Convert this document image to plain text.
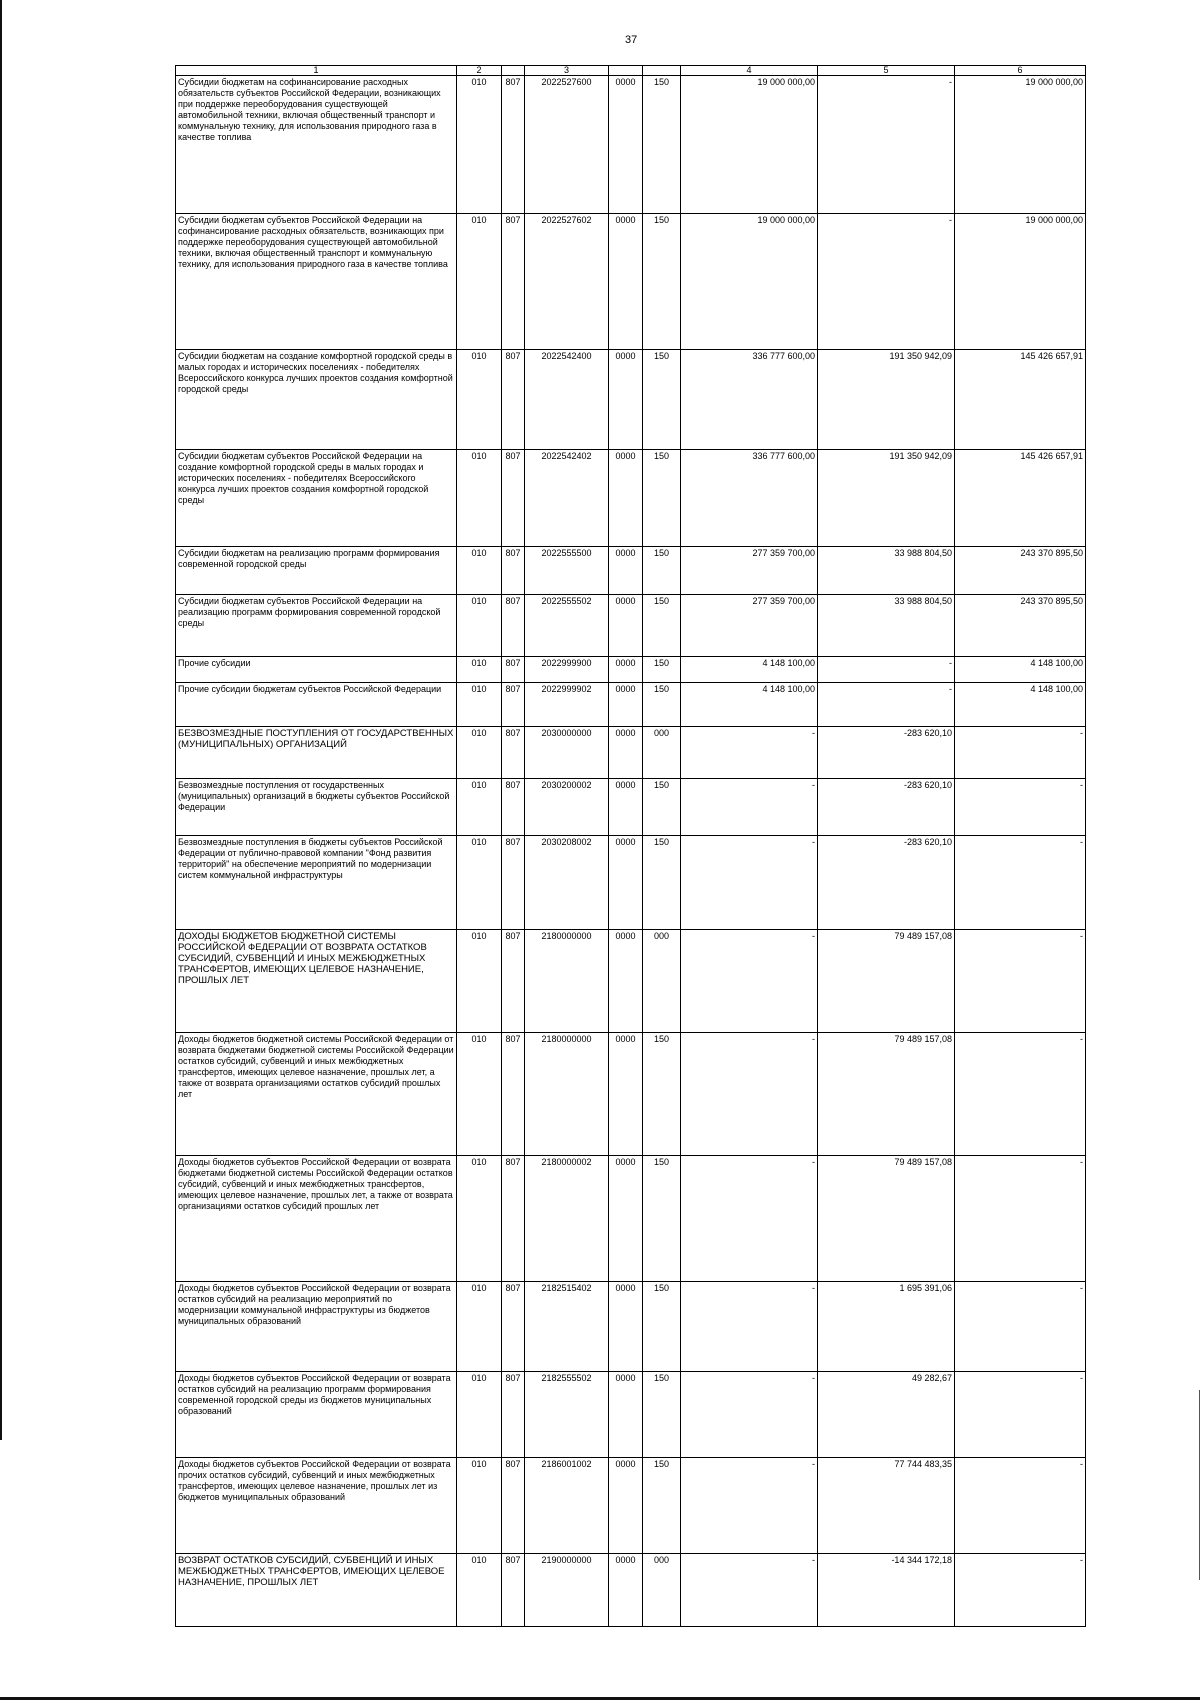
37
1	2		3			4	5	6
Субсидии бюджетам на софинансирование расходных обязательств субъектов Российской Федерации, возникающих при поддержке переоборудования существующей автомобильной техники, включая общественный транспорт и коммунальную технику, для использования природного газа в качестве топлива	010	807	2022527600	0000	150	19 000 000,00	-	19 000 000,00
Субсидии бюджетам субъектов Российской Федерации на софинансирование расходных обязательств, возникающих при поддержке переоборудования существующей автомобильной техники, включая общественный транспорт и коммунальную технику, для использования природного газа в качестве топлива	010	807	2022527602	0000	150	19 000 000,00	-	19 000 000,00
Субсидии бюджетам на создание комфортной городской среды в малых городах и исторических поселениях - победителях Всероссийского конкурса лучших проектов создания комфортной городской среды	010	807	2022542400	0000	150	336 777 600,00	191 350 942,09	145 426 657,91
Субсидии бюджетам субъектов Российской Федерации на создание комфортной городской среды в малых городах и исторических поселениях - победителях Всероссийского конкурса лучших проектов создания комфортной городской среды	010	807	2022542402	0000	150	336 777 600,00	191 350 942,09	145 426 657,91
Субсидии бюджетам на реализацию программ формирования современной городской среды	010	807	2022555500	0000	150	277 359 700,00	33 988 804,50	243 370 895,50
Субсидии бюджетам субъектов Российской Федерации на реализацию программ формирования современной городской среды	010	807	2022555502	0000	150	277 359 700,00	33 988 804,50	243 370 895,50
Прочие субсидии	010	807	2022999900	0000	150	4 148 100,00	-	4 148 100,00
Прочие субсидии бюджетам субъектов Российской Федерации	010	807	2022999902	0000	150	4 148 100,00	-	4 148 100,00
БЕЗВОЗМЕЗДНЫЕ ПОСТУПЛЕНИЯ ОТ ГОСУДАРСТВЕННЫХ (МУНИЦИПАЛЬНЫХ) ОРГАНИЗАЦИЙ	010	807	2030000000	0000	000	-	-283 620,10	-
Безвозмездные поступления от государственных (муниципальных) организаций в бюджеты субъектов Российской Федерации	010	807	2030200002	0000	150	-	-283 620,10	-
Безвозмездные поступления в бюджеты субъектов Российской Федерации от публично-правовой компании "Фонд развития территорий" на обеспечение мероприятий по модернизации систем коммунальной инфраструктуры	010	807	2030208002	0000	150	-	-283 620,10	-
ДОХОДЫ БЮДЖЕТОВ БЮДЖЕТНОЙ СИСТЕМЫ РОССИЙСКОЙ ФЕДЕРАЦИИ ОТ ВОЗВРАТА ОСТАТКОВ СУБСИДИЙ, СУБВЕНЦИЙ И ИНЫХ МЕЖБЮДЖЕТНЫХ ТРАНСФЕРТОВ, ИМЕЮЩИХ ЦЕЛЕВОЕ НАЗНАЧЕНИЕ, ПРОШЛЫХ ЛЕТ	010	807	2180000000	0000	000	-	79 489 157,08	-
Доходы бюджетов бюджетной системы Российской Федерации от возврата бюджетами бюджетной системы Российской Федерации остатков субсидий, субвенций и иных межбюджетных трансфертов, имеющих целевое назначение, прошлых лет, а также от возврата организациями остатков субсидий прошлых лет	010	807	2180000000	0000	150	-	79 489 157,08	-
Доходы бюджетов субъектов Российской Федерации от возврата бюджетами бюджетной системы Российской Федерации остатков субсидий, субвенций и иных межбюджетных трансфертов, имеющих целевое назначение, прошлых лет, а также от возврата организациями остатков субсидий прошлых лет	010	807	2180000002	0000	150	-	79 489 157,08	-
Доходы бюджетов субъектов Российской Федерации от возврата остатков субсидий на реализацию мероприятий по модернизации коммунальной инфраструктуры из бюджетов муниципальных образований	010	807	2182515402	0000	150	-	1 695 391,06	-
Доходы бюджетов субъектов Российской Федерации от возврата остатков субсидий на реализацию программ формирования современной городской среды из бюджетов муниципальных образований	010	807	2182555502	0000	150	-	49 282,67	-
Доходы бюджетов субъектов Российской Федерации от возврата прочих остатков субсидий, субвенций и иных межбюджетных трансфертов, имеющих целевое назначение, прошлых лет из бюджетов муниципальных образований	010	807	2186001002	0000	150	-	77 744 483,35	-
ВОЗВРАТ ОСТАТКОВ СУБСИДИЙ, СУБВЕНЦИЙ И ИНЫХ МЕЖБЮДЖЕТНЫХ ТРАНСФЕРТОВ, ИМЕЮЩИХ ЦЕЛЕВОЕ НАЗНАЧЕНИЕ, ПРОШЛЫХ ЛЕТ	010	807	2190000000	0000	000	-	-14 344 172,18	-
